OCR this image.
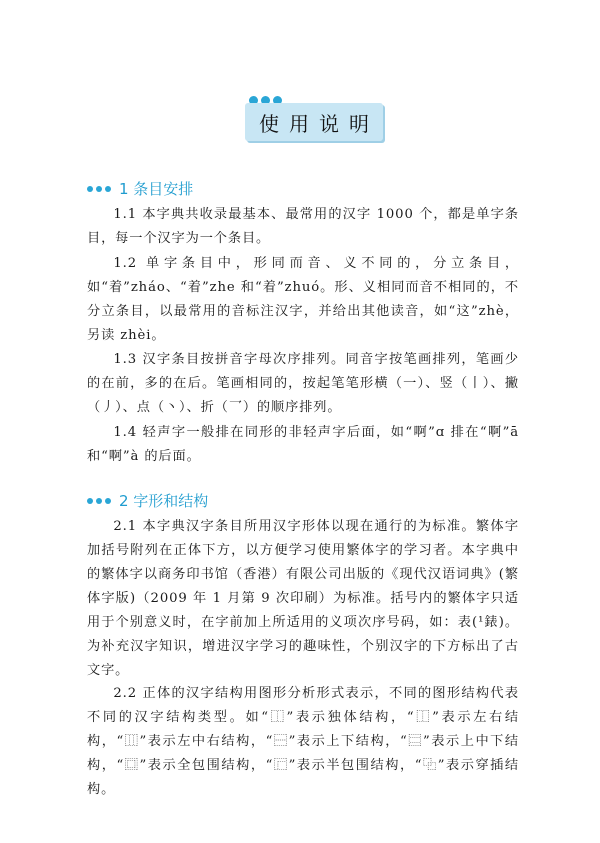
使用说明
1 条目安排

1.1 本字典共收录最基本、最常用的汉字 1000 个，都是单字条目，每一个汉字为一个条目。

1.2 单字条目中，形同而音、义不同的，分立条目，如“着”zháo、“着”zhe 和“着”zhuó。形、义相同而音不相同的，不分立条目，以最常用的音标注汉字，并给出其他读音，如“这”zhè，另读 zhèi。

1.3 汉字条目按拼音字母次序排列。同音字按笔画排列，笔画少的在前，多的在后。笔画相同的，按起笔笔形横（一）、竖（丨）、撇（丿）、点（丶）、折（乛）的顺序排列。

1.4 轻声字一般排在同形的非轻声字后面，如“啊”ɑ 排在“啊”ā 和“啊”à 的后面。

2 字形和结构

2.1 本字典汉字条目所用汉字形体以现在通行的为标准。繁体字加括号附列在正体下方，以方便学习使用繁体字的学习者。本字典中的繁体字以商务印书馆（香港）有限公司出版的《现代汉语词典》(繁体字版)（2009 年 1 月第 9 次印刷）为标准。括号内的繁体字只适用于个别意义时，在字前加上所适用的义项次序号码，如：表(¹錶)。为补充汉字知识，增进汉字学习的趣味性，个别汉字的下方标出了古文字。

2.2 正体的汉字结构用图形分析形式表示，不同的图形结构代表不同的汉字结构类型。如“⿰”表示独体结构，“⿰”表示左右结构，“⿲”表示左中右结构，“⿱”表示上下结构，“⿳”表示上中下结构，“⿴”表示全包围结构，“⿸”表示半包围结构，“⿻”表示穿插结构。
